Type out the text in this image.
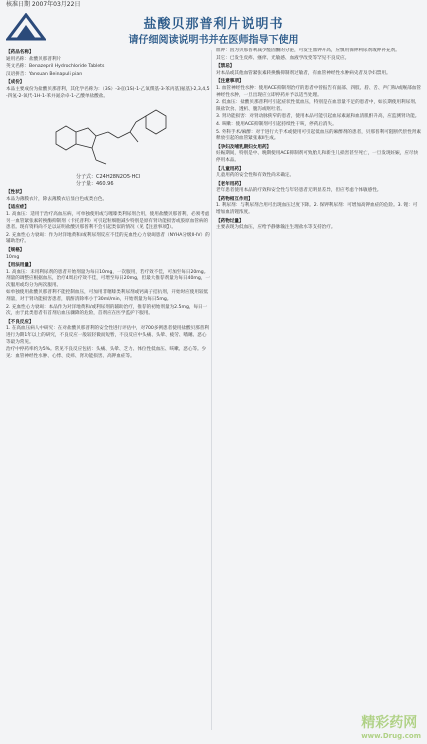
核准日期 2007年03月22日
盐酸贝那普利片说明书
请仔细阅读说明书并在医师指导下使用
【药品名称】
通用名称：盐酸贝那普利片
英文名称：Benazepril Hydrochloride Tablets
汉语拼音：Yansuan Beinapuli pian
【成份】
本品主要成份为盐酸贝那普利，其化学名称为：（3S）-3-[[(1S)-1-乙氧羰基-3-苯丙基]氨基]-2,3,4,5-四氢-2-氧代-1H-1-苯并氮杂卓-1-乙酸单盐酸盐。
分子式：C24H28N2O5·HCl
分子量：460.96
【性状】
本品为薄膜衣片，除去薄膜衣后显白色或类白色。
【适应症】
1. 高血压：适用于治疗高血压病，可单独使用或与噻嗪类利尿剂合用，使用盐酸贝那普利，必须考虑另一血管紧张素转换酶抑制剂（卡托普利）可引起粒细胞减少特别是原有肾功能损害或胶原血管病的患者。现有资料尚不足以证明盐酸贝那普利不会引起类似的情况（见【注意事项】）。
2. 充血性心力衰竭：作为对洋地黄和/或利尿剂反应不佳的充血性心力衰竭患者（NYHA分级II-IV）的辅助治疗。
【规格】
10mg
【用法用量】
1. 高血压：未用利尿剂的患者开始剂量为每日10mg，一次服用，若疗效不佳，可加至每日20mg。剂量的调整应根据血压，治疗4周后疗效不佳，可增至每日20mg，但最大推荐剂量为每日40mg，一次服用或均分为两次服用。
如单独使用盐酸贝那普利不能控制血压，可加用非噻嗪类利尿剂或钙离子拮抗剂，开始时应使用较低剂量，对于肾功能损害患者，肌酐清除率小于30ml/min，开始剂量为每日5mg。
2. 充血性心力衰竭：本品作为对洋地黄和/或利尿剂的辅助治疗，推荐的初始剂量为2.5mg，每日一次，由于此类患者有首剂后血压骤降的危险，首剂应在医学监护下服用。
【不良反应】
1. 在高血压病人中研究：在对盐酸贝那普利的安全性进行评估中，对700多例患者使用盐酸贝那普利进行为期1年以上的研究，不良反应一般较轻微而短暂，不良反应中头痛、头晕、疲劳、嗜睡、恶心等最为常见。
治疗中停药率约为5%。常见不良反应包括：头痛、头晕、乏力、体位性低血压、咳嗽、恶心等。少见：血管神经性水肿、心悸、皮疹、肾功能损害、高钾血症等。
血钾：因为贝那普利减少醛固酮的分泌，可发生血钾升高，应慎用保钾利尿剂或钾补充剂。
其它：已发生皮疹、瘙痒、光敏感、血液学改变等罕见不良反应。
【禁忌】
对本品或其他血管紧张素转换酶抑制剂过敏者，有血管神经性水肿病史者及孕妇禁用。
【注意事项】
1. 血管神经性水肿：使用ACE抑制剂治疗的患者中曾报告有面部、四肢、唇、舌、声门和/或喉部血管神经性水肿，一旦出现应立即停药并予以适当处理。
2. 低血压：盐酸贝那普利可引起症状性低血压，特别是在血容量不足的患者中，如长期使用利尿剂、限盐饮食、透析、腹泻或呕吐者。
3. 肾功能损害：对肾动脉狭窄的患者，使用本品可能引起血尿素氮和血清肌酐升高，应监测肾功能。
4. 咳嗽：使用ACE抑制剂可引起持续性干咳，停药后消失。
5. 外科手术/麻醉：对于进行大手术或使用可引起低血压的麻醉剂的患者，贝那普利可阻断代偿性肾素释放引起的血管紧张素II生成。
【孕妇及哺乳期妇女用药】
妊娠期间，特别是中、晚期使用ACE抑制剂可致胎儿和新生儿损害甚至死亡，一旦发现妊娠，应尽快停用本品。
【儿童用药】
儿童用药的安全性和有效性尚未确定。
【老年用药】
老年患者使用本品的疗效和安全性与年轻患者无明显差异，但应考虑个体敏感性。
【药物相互作用】
1. 利尿剂：与利尿剂合用可出现血压过度下降。2. 保钾利尿剂：可增加高钾血症的危险。3. 锂：可增加血清锂浓度。
【药物过量】
主要表现为低血压，应给予静脉输注生理盐水等支持治疗。
精彩药网
www.Drug.com
